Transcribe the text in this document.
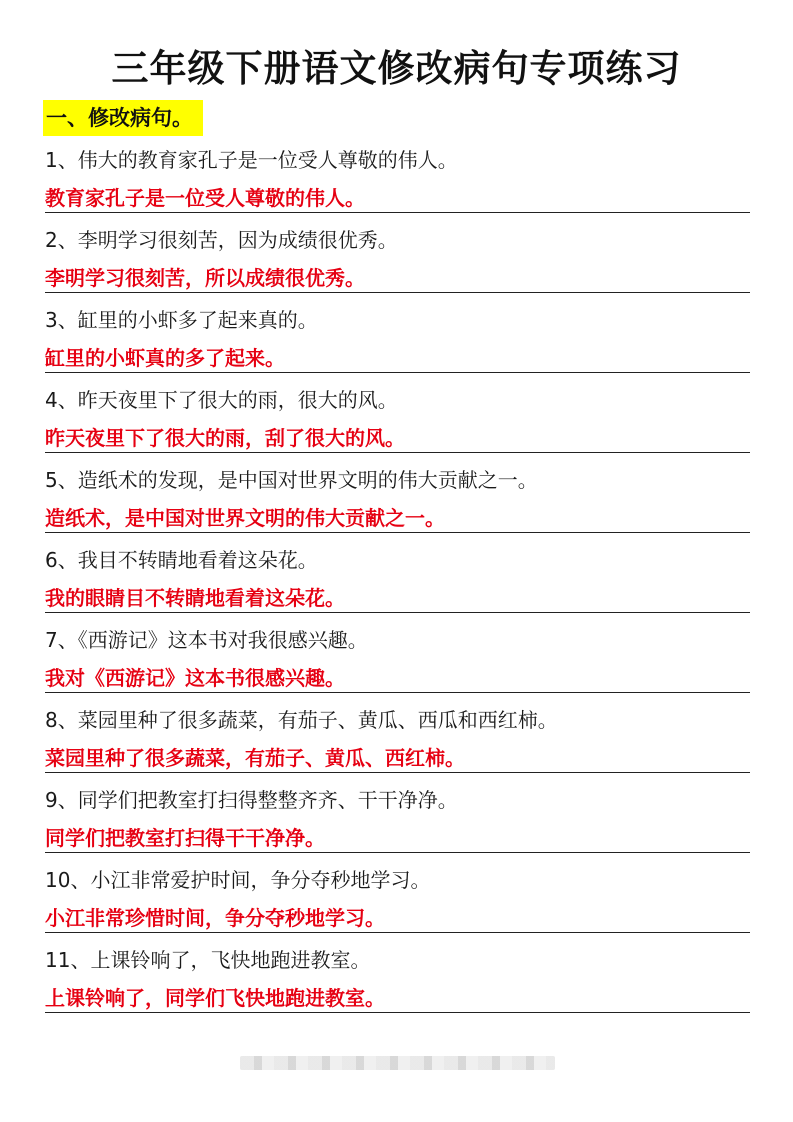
三年级下册语文修改病句专项练习
一、修改病句。
1、伟大的教育家孔子是一位受人尊敬的伟人。
教育家孔子是一位受人尊敬的伟人。
2、李明学习很刻苦，因为成绩很优秀。
李明学习很刻苦，所以成绩很优秀。
3、缸里的小虾多了起来真的。
缸里的小虾真的多了起来。
4、昨天夜里下了很大的雨，很大的风。
昨天夜里下了很大的雨，刮了很大的风。
5、造纸术的发现，是中国对世界文明的伟大贡献之一。
造纸术，是中国对世界文明的伟大贡献之一。
6、我目不转睛地看着这朵花。
我的眼睛目不转睛地看着这朵花。
7、《西游记》这本书对我很感兴趣。
我对《西游记》这本书很感兴趣。
8、菜园里种了很多蔬菜，有茄子、黄瓜、西瓜和西红柿。
菜园里种了很多蔬菜，有茄子、黄瓜、西红柿。
9、同学们把教室打扫得整整齐齐、干干净净。
同学们把教室打扫得干干净净。
10、小江非常爱护时间，争分夺秒地学习。
小江非常珍惜时间，争分夺秒地学习。
11、上课铃响了，飞快地跑进教室。
上课铃响了，同学们飞快地跑进教室。
